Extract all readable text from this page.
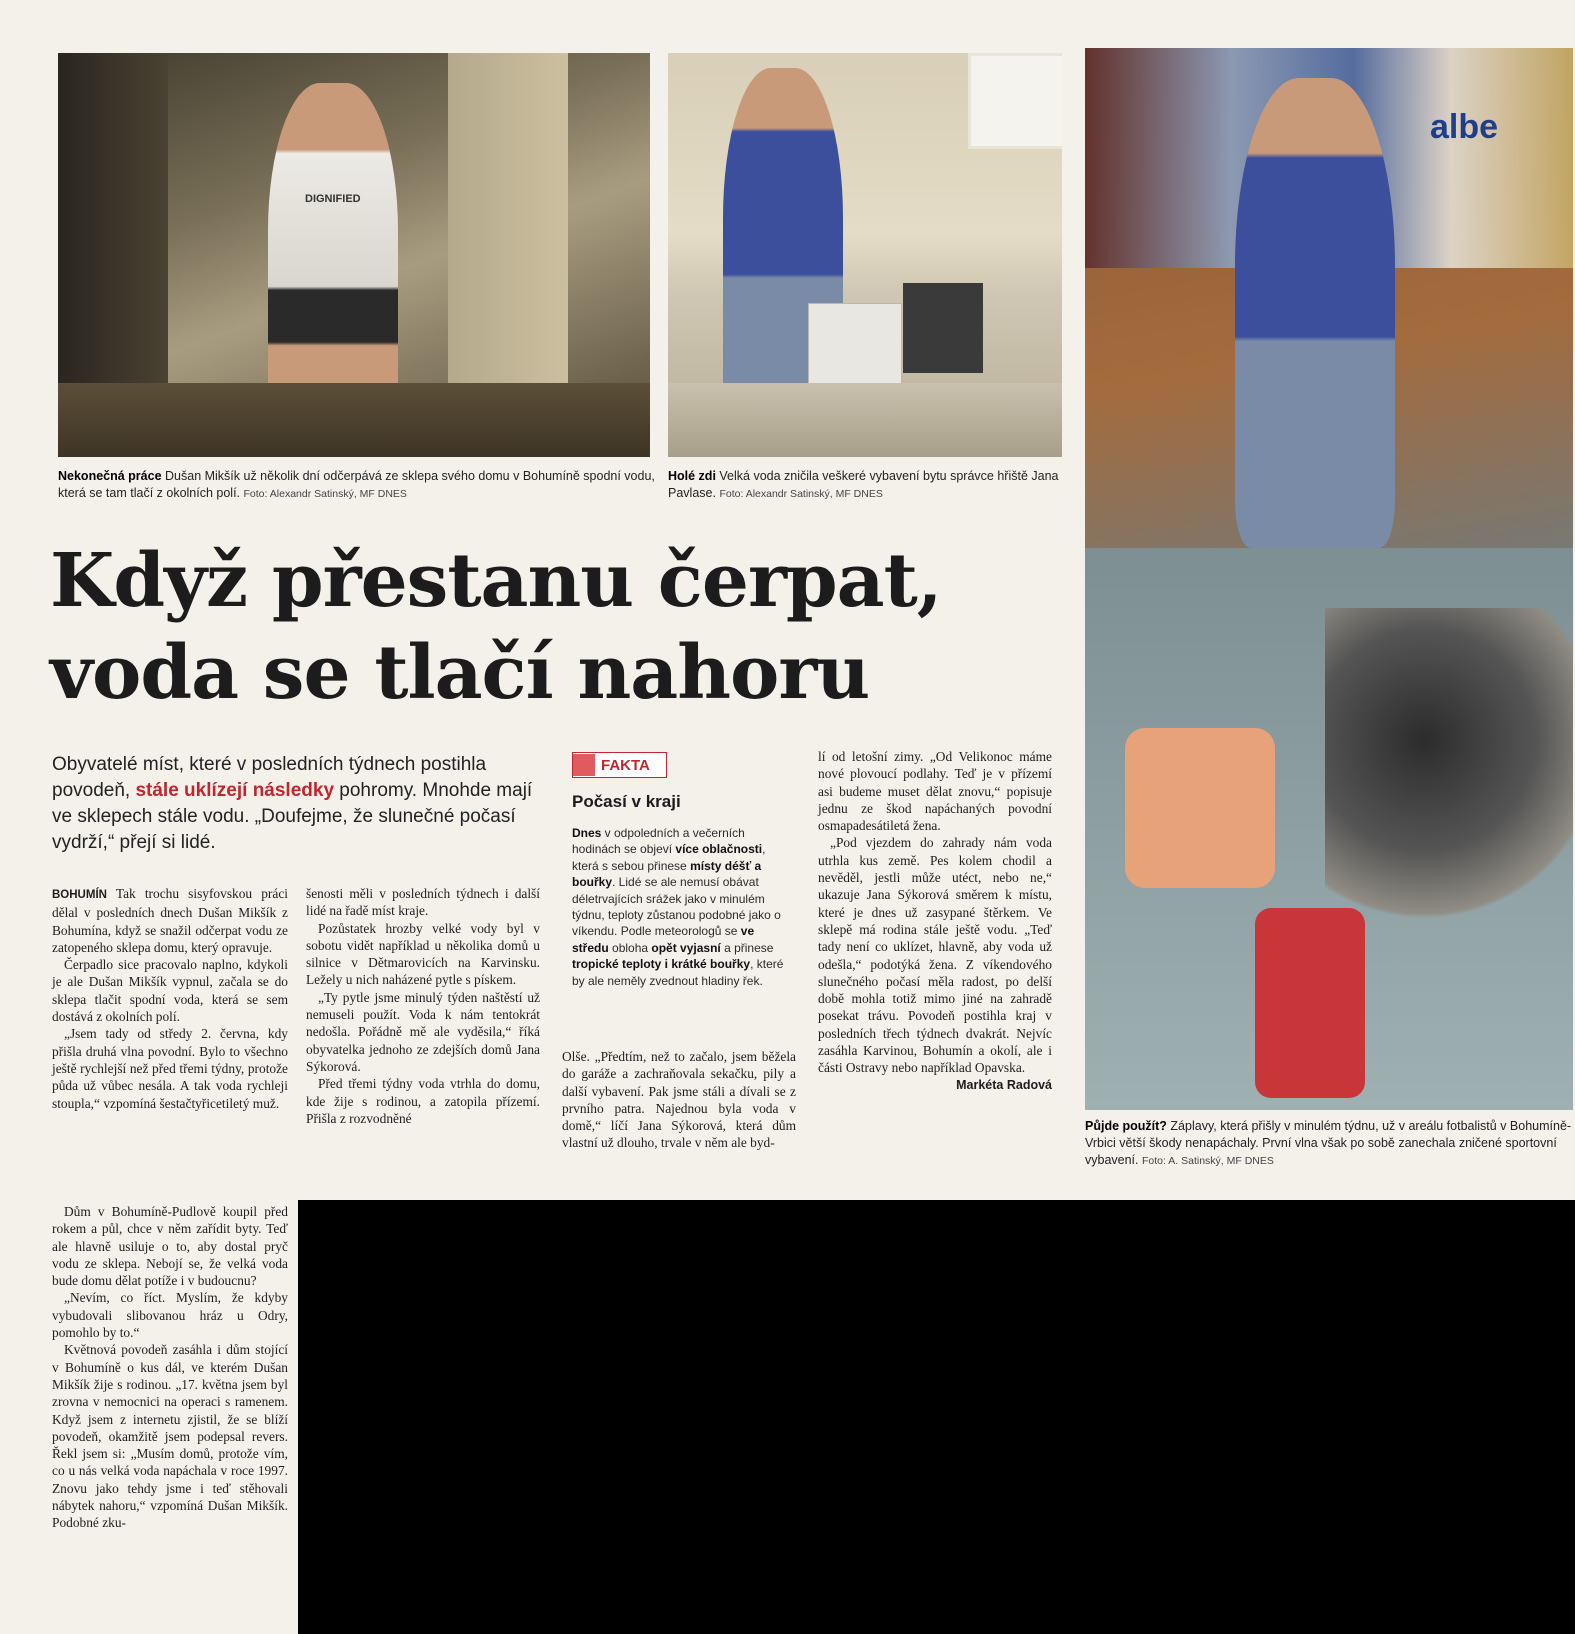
DIGNIFIED
Nekonečná práce Dušan Mikšík už několik dní odčerpává ze sklepa svého domu v Bohumíně spodní vodu, která se tam tlačí z okolních polí. Foto: Alexandr Satinský, MF DNES
Holé zdi Velká voda zničila veškeré vybavení bytu správce hřiště Jana Pavlase. Foto: Alexandr Satinský, MF DNES
albe
Půjde použít? Záplavy, která přišly v minulém týdnu, už v areálu fotbalistů v Bohumíně-Vrbici větší škody nenapáchaly. První vlna však po sobě zanechala zničené sportovní vybavení. Foto: A. Satinský, MF DNES
Když přestanu čerpat, voda se tlačí nahoru

Obyvatelé míst, které v posledních týdnech postihla povodeň, stále uklízejí následky pohromy. Mnohde mají ve sklepech stále vodu. „Doufejme, že slunečné počasí vydrží,“ přejí si lidé.

BOHUMÍN Tak trochu sisyfovskou práci dělal v posledních dnech Dušan Mikšík z Bohumína, když se snažil odčerpat vodu ze zatopeného sklepa domu, který opravuje.

Čerpadlo sice pracovalo naplno, kdykoli je ale Dušan Mikšík vypnul, začala se do sklepa tlačit spodní voda, která se sem dostává z okolních polí.

„Jsem tady od středy 2. června, kdy přišla druhá vlna povodní. Bylo to všechno ještě rychlejší než před třemi týdny, protože půda už vůbec nesála. A tak voda rychleji stoupla,“ vzpomíná šestačtyřicetiletý muž.

Dům v Bohumíně-Pudlově koupil před rokem a půl, chce v něm zařídit byty. Teď ale hlavně usiluje o to, aby dostal pryč vodu ze sklepa. Nebojí se, že velká voda bude domu dělat potíže i v budoucnu?

„Nevím, co říct. Myslím, že kdyby vybudovali slibovanou hráz u Odry, pomohlo by to.“

Květnová povodeň zasáhla i dům stojící v Bohumíně o kus dál, ve kterém Dušan Mikšík žije s rodinou. „17. května jsem byl zrovna v nemocnici na operaci s ramenem. Když jsem z internetu zjistil, že se blíží povodeň, okamžitě jsem podepsal revers. Řekl jsem si: „Musím domů, protože vím, co u nás velká voda napáchala v roce 1997. Znovu jako tehdy jsme i teď stěhovali nábytek nahoru,“ vzpomíná Dušan Mikšík. Podobné zku-

šenosti měli v posledních týdnech i další lidé na řadě míst kraje.

Pozůstatek hrozby velké vody byl v sobotu vidět například u několika domů u silnice v Dětmarovicích na Karvinsku. Ležely u nich naházené pytle s pískem.

„Ty pytle jsme minulý týden naštěstí už nemuseli použít. Voda k nám tentokrát nedošla. Pořádně mě ale vyděsila,“ říká obyvatelka jednoho ze zdejších domů Jana Sýkorová.

Před třemi týdny voda vtrhla do domu, kde žije s rodinou, a zatopila přízemí. Přišla z rozvodněné

FAKTA
Počasí v kraji

Dnes v odpoledních a večerních hodinách se objeví více oblačnosti, která s sebou přinese místy déšť a bouřky. Lidé se ale nemusí obávat déletrvajících srážek jako v minulém týdnu, teploty zůstanou podobné jako o víkendu. Podle meteorologů se ve středu obloha opět vyjasní a přinese tropické teploty i krátké bouřky, které by ale neměly zvednout hladiny řek.

Olše. „Předtím, než to začalo, jsem běžela do garáže a zachraňovala sekačku, pily a další vybavení. Pak jsme stáli a dívali se z prvního patra. Najednou byla voda v domě,“ líčí Jana Sýkorová, která dům vlastní už dlouho, trvale v něm ale byd-

lí od letošní zimy. „Od Velikonoc máme nové plovoucí podlahy. Teď je v přízemí asi budeme muset dělat znovu,“ popisuje jednu ze škod napáchaných povodní osmapadesátiletá žena.

„Pod vjezdem do zahrady nám voda utrhla kus země. Pes kolem chodil a nevěděl, jestli může utéct, nebo ne,“ ukazuje Jana Sýkorová směrem k místu, které je dnes už zasypané štěrkem. Ve sklepě má rodina stále ještě vodu. „Teď tady není co uklízet, hlavně, aby voda už odešla,“ podotýká žena. Z víkendového slunečného počasí měla radost, po delší době mohla totiž mimo jiné na zahradě posekat trávu. Povodeň postihla kraj v posledních třech týdnech dvakrát. Nejvíc zasáhla Karvinou, Bohumín a okolí, ale i části Ostravy nebo například Opavska.
Markéta Radová
